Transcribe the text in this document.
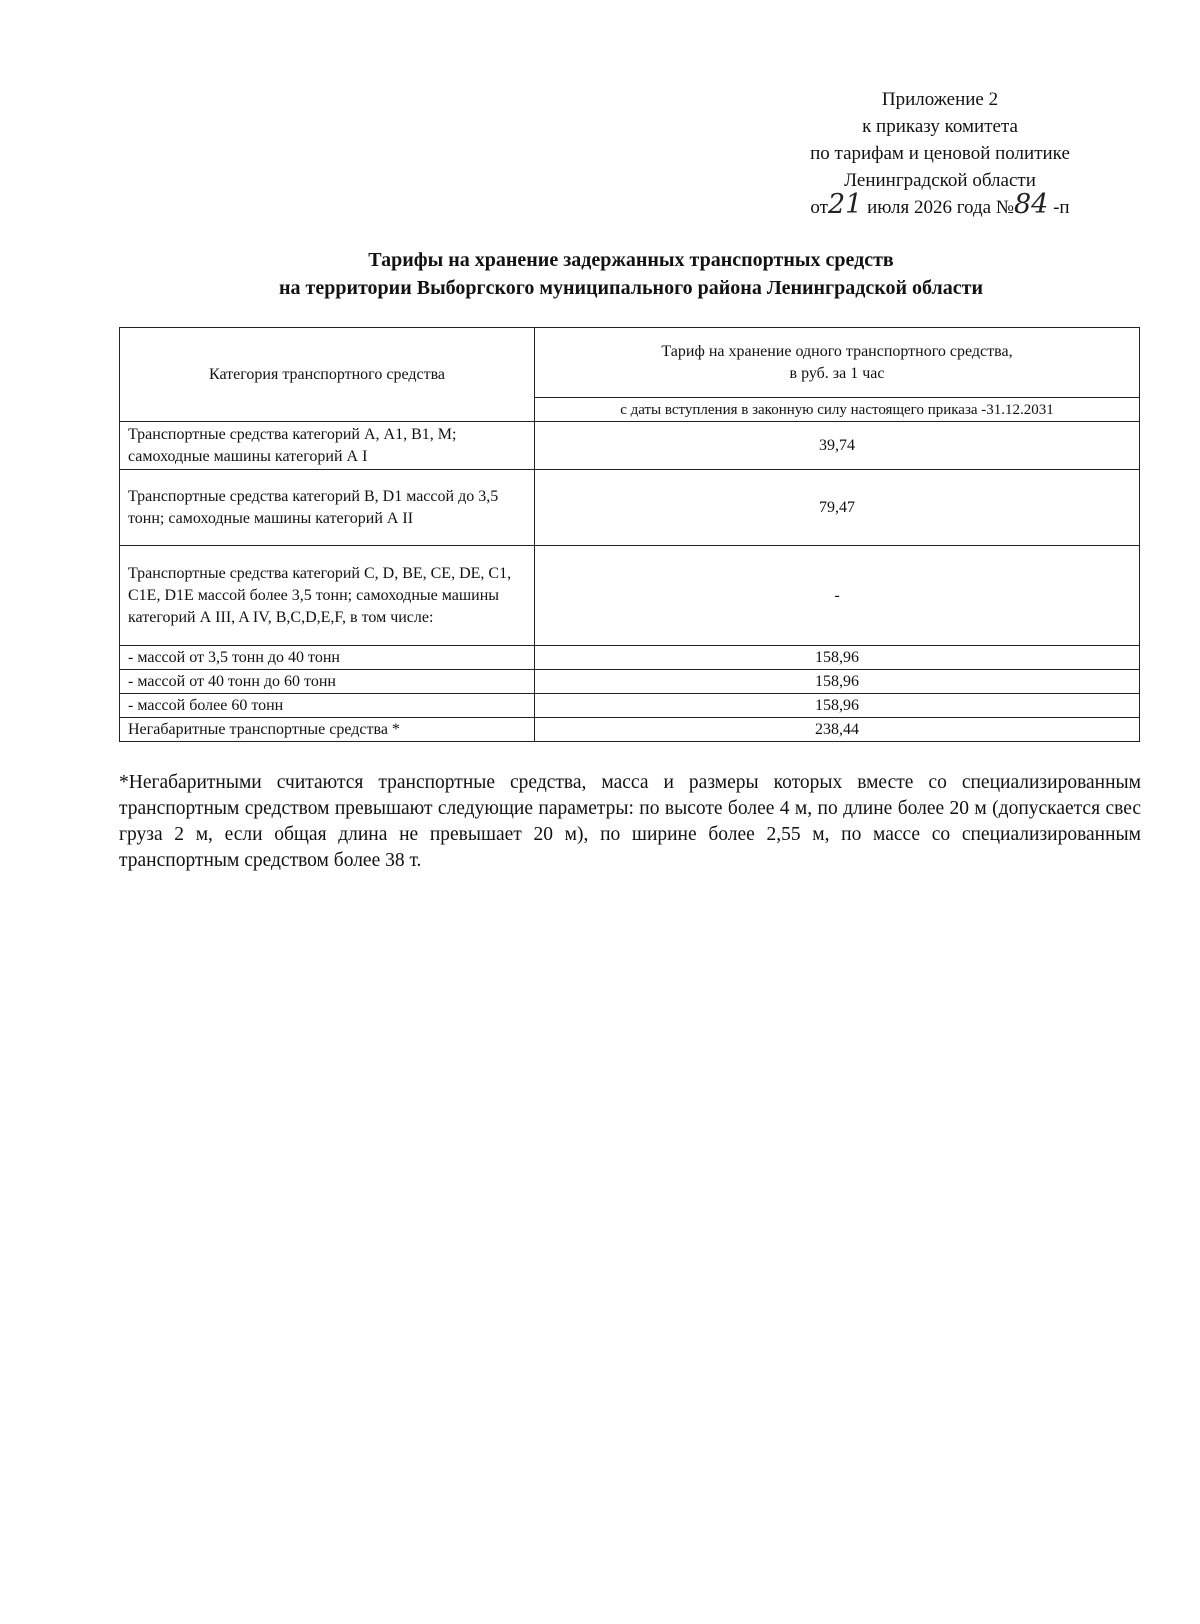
Приложение 2
к приказу комитета
по тарифам и ценовой политике
Ленинградской области
от21 июля 2026 года №84 -п
Тарифы на хранение задержанных транспортных средств
на территории Выборгского муниципального района Ленинградской области
Категория транспортного средства	Тариф на хранение одного транспортного средства,
в руб. за 1 час
	с даты вступления в законную силу настоящего приказа -31.12.2031
Транспортные средства категорий А, А1, В1, М; самоходные машины категорий А I	39,74
Транспортные средства категорий В, D1 массой до 3,5 тонн; самоходные машины категорий А II	79,47
Транспортные средства категорий C, D, BE, CE, DE, C1, C1E, D1E массой более 3,5 тонн; самоходные машины категорий А III, A IV, B,C,D,E,F, в том числе:	-
- массой от 3,5 тонн до 40 тонн	158,96
- массой от 40 тонн до 60 тонн	158,96
- массой более 60 тонн	158,96
Негабаритные транспортные средства *	238,44
*Негабаритными считаются транспортные средства, масса и размеры которых вместе со специализированным транспортным средством превышают следующие параметры: по высоте более 4 м, по длине более 20 м (допускается свес груза 2 м, если общая длина не превышает 20 м), по ширине более 2,55 м, по массе со специализированным транспортным средством более 38 т.
